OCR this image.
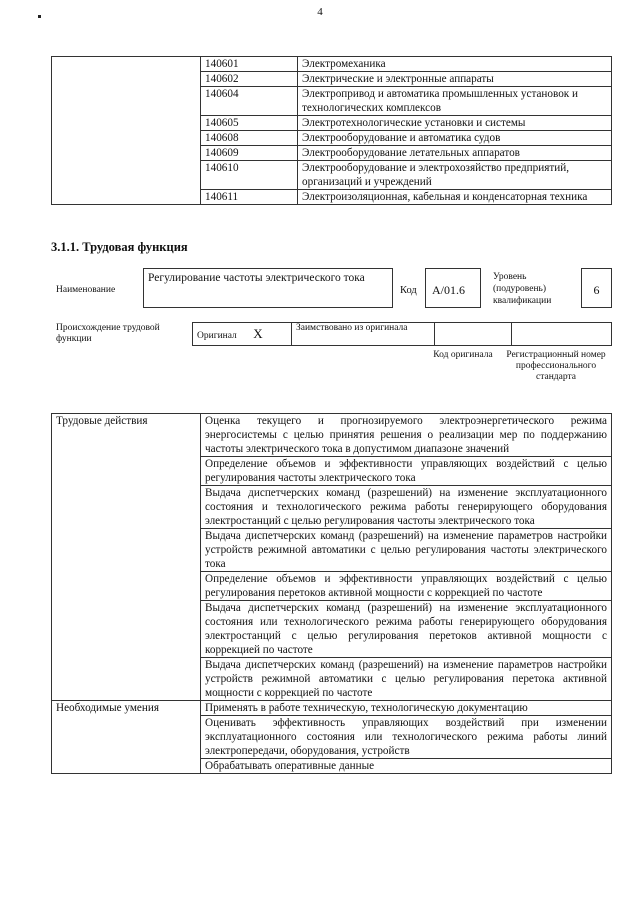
4
	140601	Электромеханика
	140602	Электрические и электронные аппараты
	140604	Электропривод и автоматика промышленных установок и технологических комплексов
	140605	Электротехнологические установки и системы
	140608	Электрооборудование и автоматика судов
	140609	Электрооборудование летательных аппаратов
	140610	Электрооборудование и электрохозяйство предприятий, организаций и учреждений
	140611	Электроизоляционная, кабельная и конденсаторная техника
3.1.1. Трудовая функция
Наименование
Регулирование частоты электрического тока
Код	А/01.6
Уровень (подуровень) квалификации
6
Происхождение трудовой функции	Оригинал X	Заимствовано из оригинала		
Код оригинала Регистрационный номер профессионального стандарта
Трудовые действия	Оценка текущего и прогнозируемого электроэнергетического режима энергосистемы с целью принятия решения о реализации мер по поддержанию частоты электрического тока в допустимом диапазоне значений
	Определение объемов и эффективности управляющих воздействий с целью регулирования частоты электрического тока
	Выдача диспетчерских команд (разрешений) на изменение эксплуатационного состояния и технологического режима работы генерирующего оборудования электростанций с целью регулирования частоты электрического тока
	Выдача диспетчерских команд (разрешений) на изменение параметров настройки устройств режимной автоматики с целью регулирования частоты электрического тока
	Определение объемов и эффективности управляющих воздействий с целью регулирования перетоков активной мощности с коррекцией по частоте
	Выдача диспетчерских команд (разрешений) на изменение эксплуатационного состояния или технологического режима работы генерирующего оборудования электростанций с целью регулирования перетоков активной мощности с коррекцией по частоте
	Выдача диспетчерских команд (разрешений) на изменение параметров настройки устройств режимной автоматики с целью регулирования перетока активной мощности с коррекцией по частоте
Необходимые умения	Применять в работе техническую, технологическую документацию
	Оценивать эффективность управляющих воздействий при изменении эксплуатационного состояния или технологического режима работы линий электропередачи, оборудования, устройств
	Обрабатывать оперативные данные
